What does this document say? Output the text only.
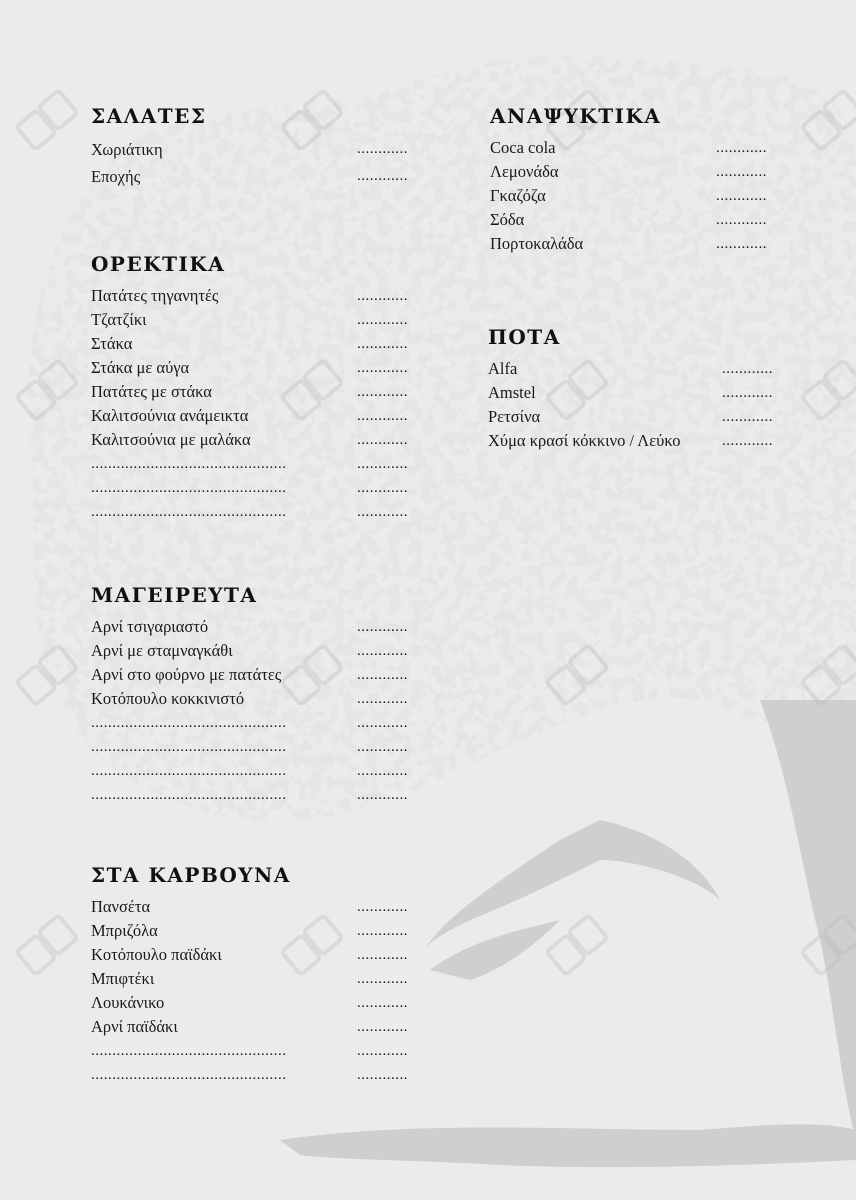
ΣΑΛΑΤΕΣ
Χωριάτικη	............
Εποχής	............
ΟΡΕΚΤΙΚΑ
Πατάτες τηγανητές	............
Τζατζίκι	............
Στάκα	............
Στάκα με αύγα	............
Πατάτες με στάκα	............
Καλιτσούνια ανάμεικτα	............
Καλιτσούνια με μαλάκα	............
..............................................	............
..............................................	............
..............................................	............
ΜΑΓΕΙΡΕΥΤΑ
Αρνί τσιγαριαστό	............
Αρνί με σταμναγκάθι	............
Αρνί στο φούρνο με πατάτες	............
Κοτόπουλο κοκκινιστό	............
..............................................	............
..............................................	............
..............................................	............
..............................................	............
ΣΤΑ ΚΑΡΒΟΥΝΑ
Πανσέτα	............
Μπριζόλα	............
Κοτόπουλο παϊδάκι	............
Μπιφτέκι	............
Λουκάνικο	............
Αρνί παϊδάκι	............
..............................................	............
..............................................	............
ΑΝΑΨΥΚΤΙΚΑ
Coca cola	............
Λεμονάδα	............
Γκαζόζα	............
Σόδα	............
Πορτοκαλάδα	............
ΠΟΤΑ
Alfa	............
Amstel	............
Ρετσίνα	............
Χύμα κρασί κόκκινο / Λεύκο	............
